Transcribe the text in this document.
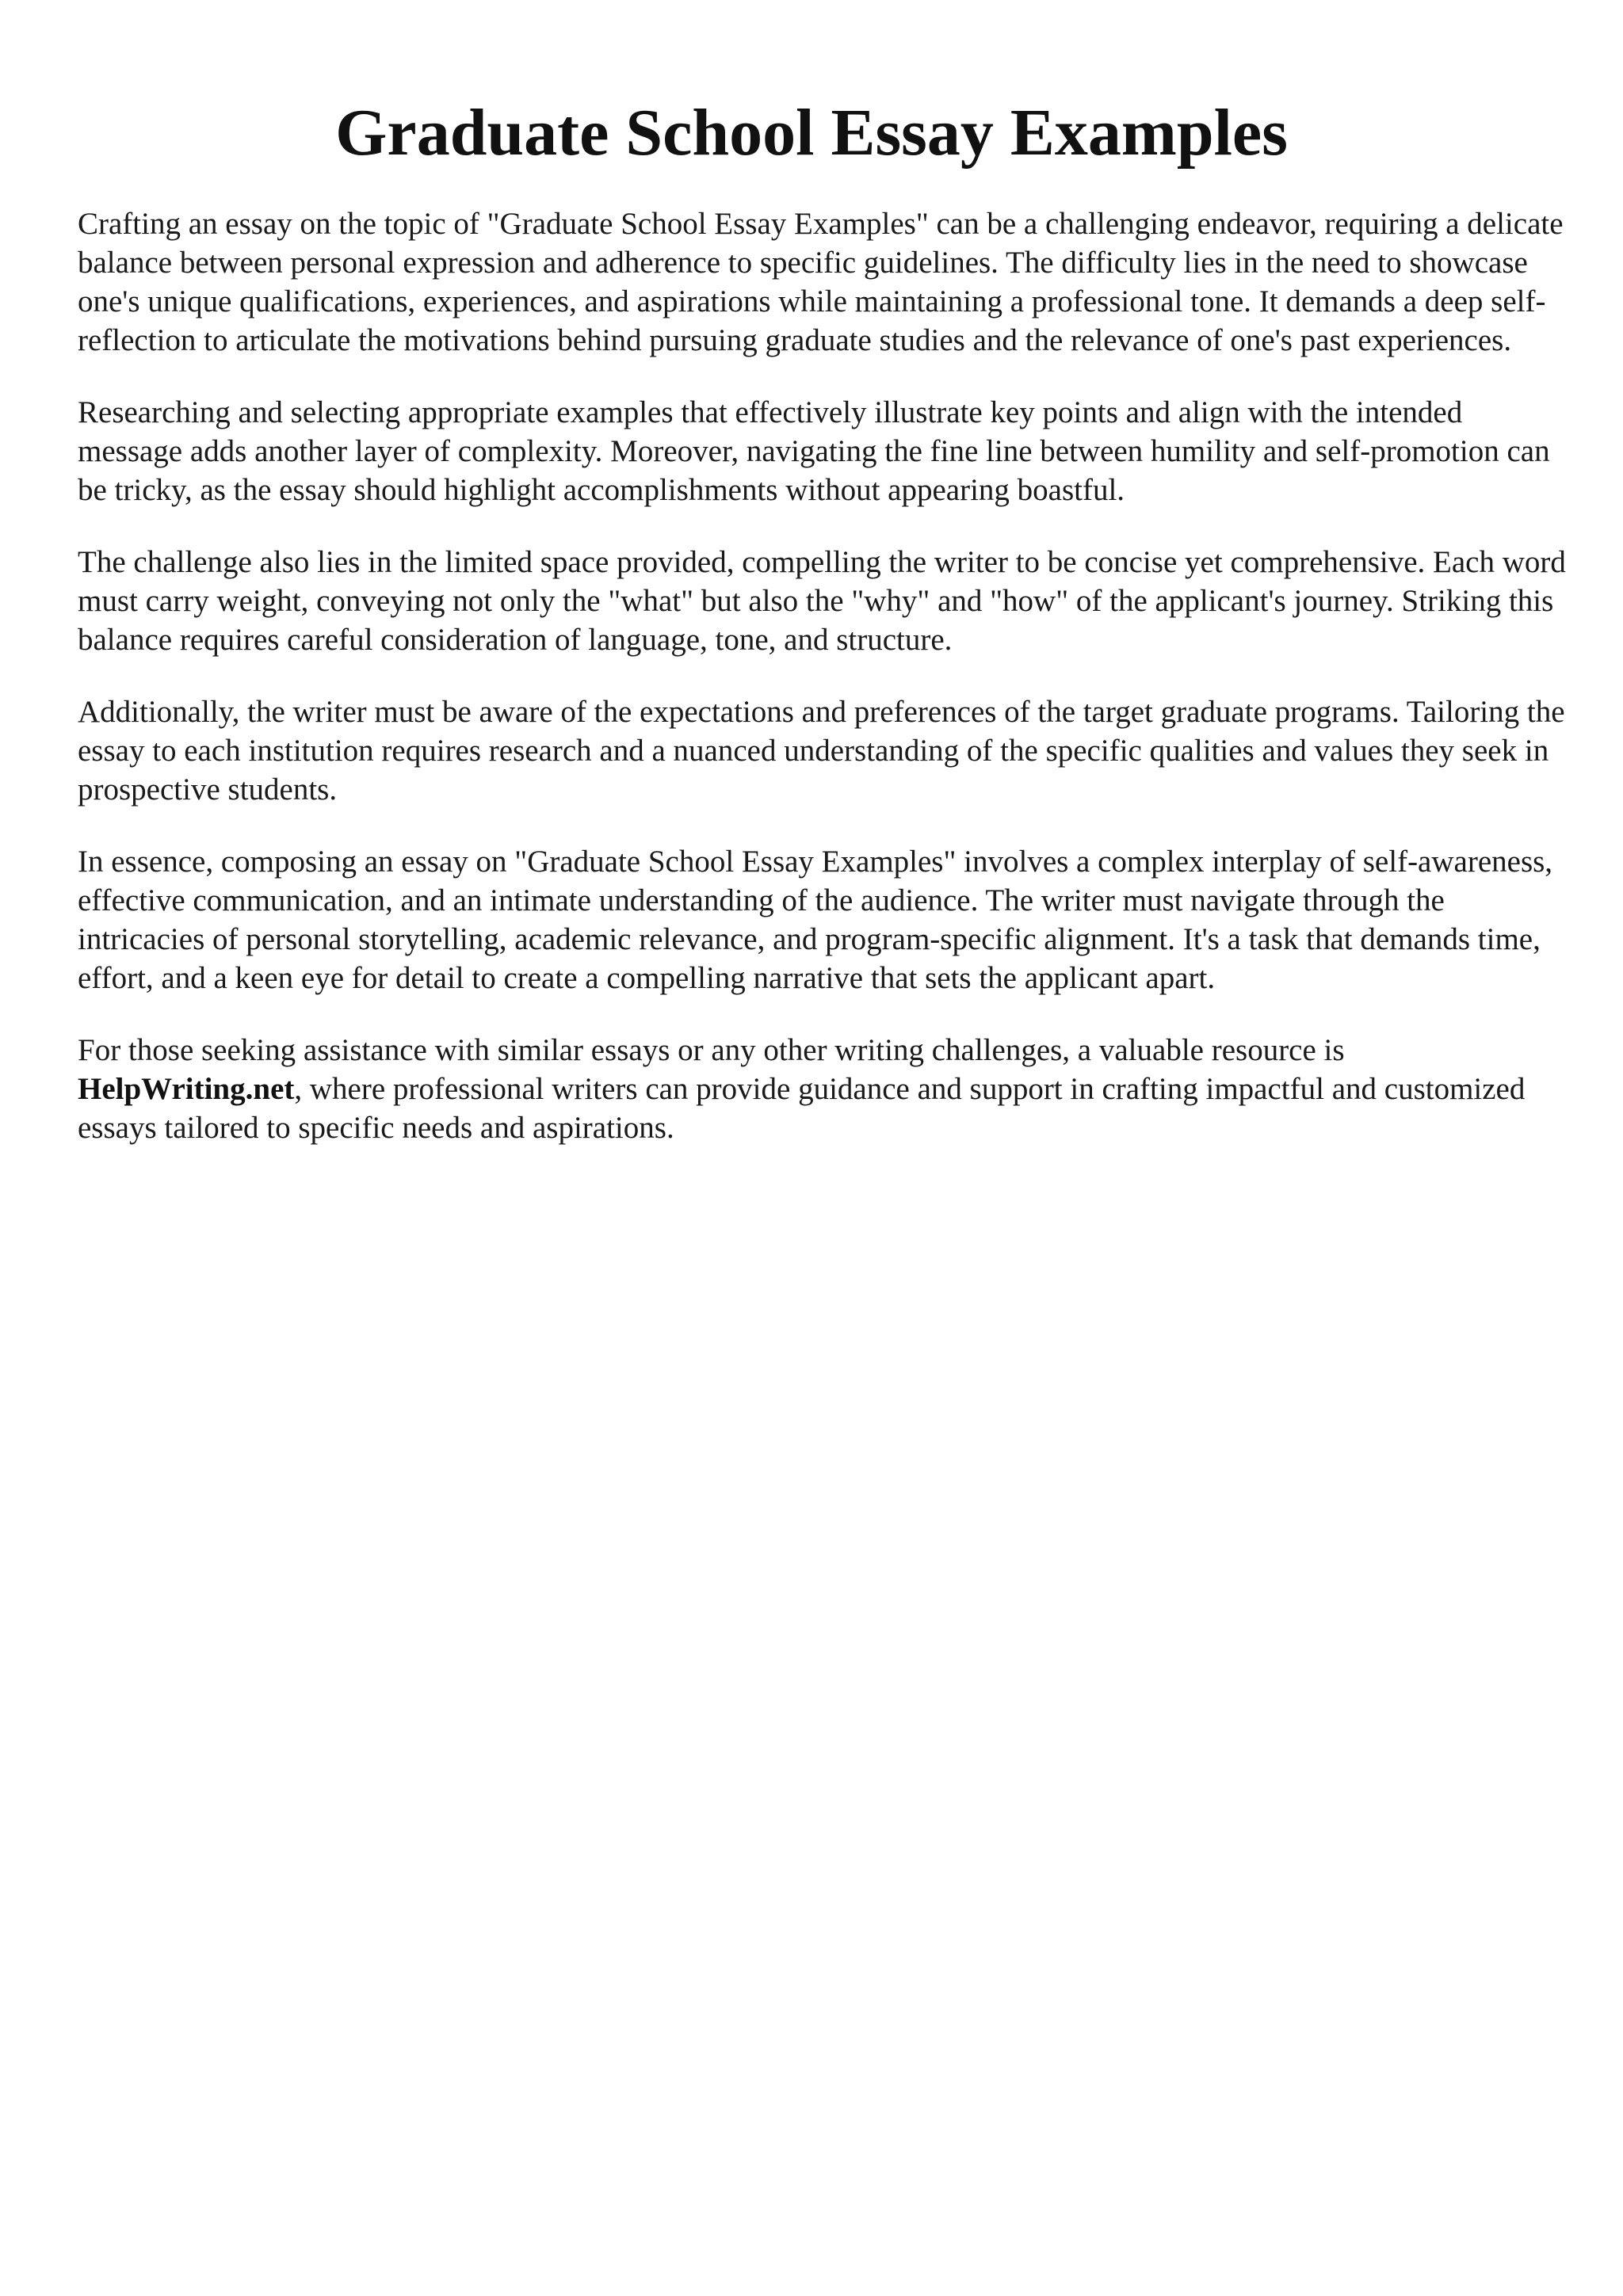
Graduate School Essay Examples

Crafting an essay on the topic of "Graduate School Essay Examples" can be a challenging endeavor, requiring a delicate balance between personal expression and adherence to specific guidelines. The difficulty lies in the need to showcase one's unique qualifications, experiences, and aspirations while maintaining a professional tone. It demands a deep self-reflection to articulate the motivations behind pursuing graduate studies and the relevance of one's past experiences.

Researching and selecting appropriate examples that effectively illustrate key points and align with the intended message adds another layer of complexity. Moreover, navigating the fine line between humility and self-promotion can be tricky, as the essay should highlight accomplishments without appearing boastful.

The challenge also lies in the limited space provided, compelling the writer to be concise yet comprehensive. Each word must carry weight, conveying not only the "what" but also the "why" and "how" of the applicant's journey. Striking this balance requires careful consideration of language, tone, and structure.

Additionally, the writer must be aware of the expectations and preferences of the target graduate programs. Tailoring the essay to each institution requires research and a nuanced understanding of the specific qualities and values they seek in prospective students.

In essence, composing an essay on "Graduate School Essay Examples" involves a complex interplay of self-awareness, effective communication, and an intimate understanding of the audience. The writer must navigate through the intricacies of personal storytelling, academic relevance, and program-specific alignment. It's a task that demands time, effort, and a keen eye for detail to create a compelling narrative that sets the applicant apart.

For those seeking assistance with similar essays or any other writing challenges, a valuable resource is HelpWriting.net, where professional writers can provide guidance and support in crafting impactful and customized essays tailored to specific needs and aspirations.
